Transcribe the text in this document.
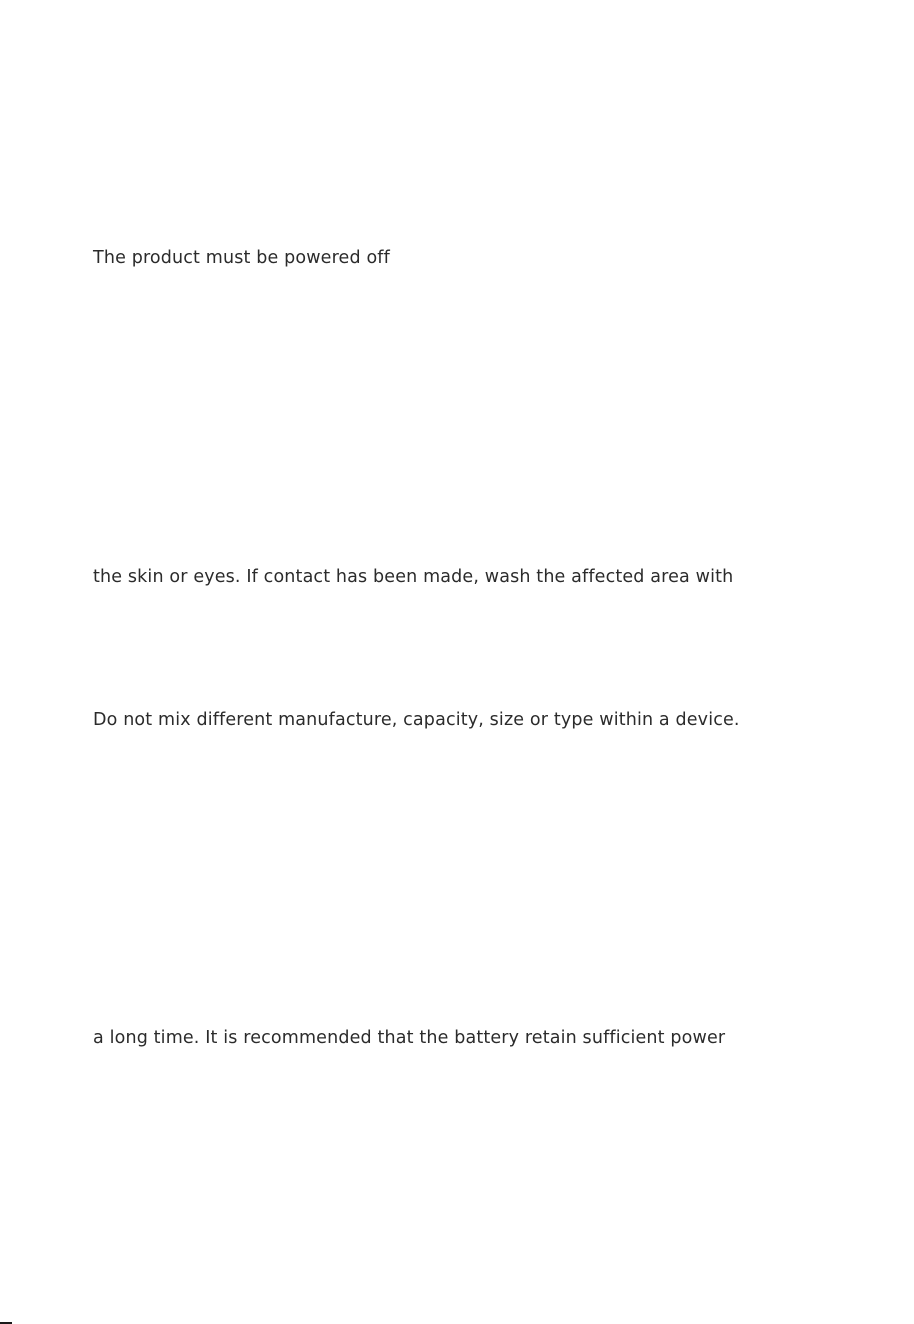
The product must be powered off
the skin or eyes. If contact has been made, wash the affected area with
Do not mix different manufacture, capacity, size or type within a device.
a long time. It is recommended that the battery retain sufficient power
